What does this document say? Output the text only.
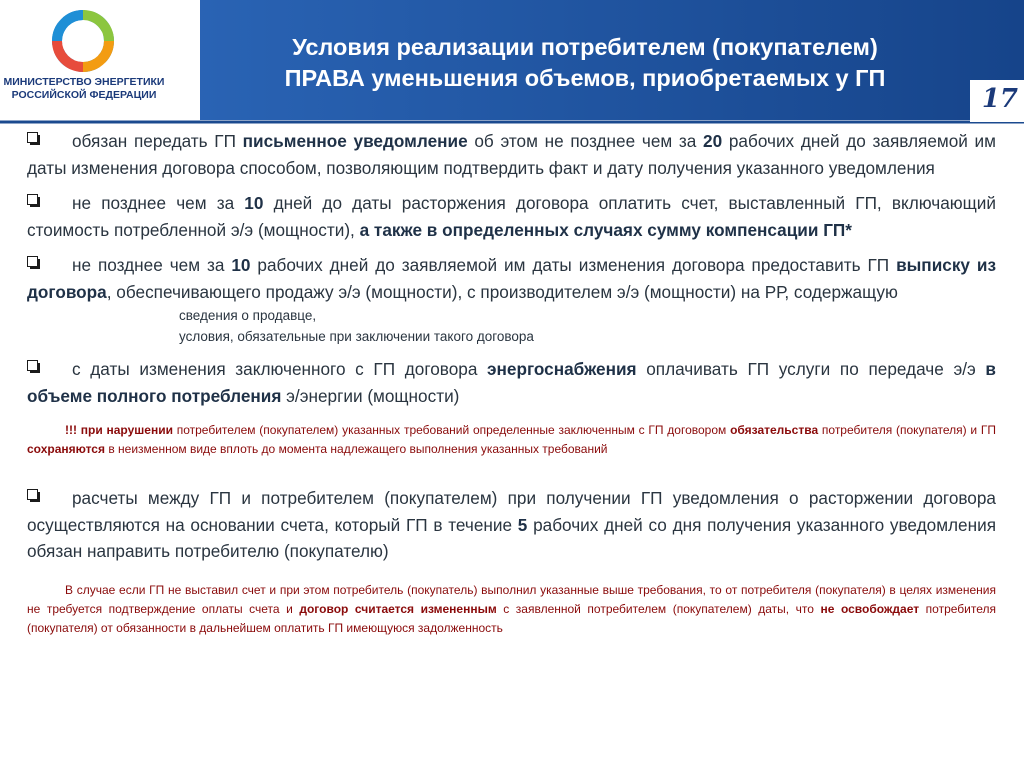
МИНИСТЕРСТВО ЭНЕРГЕТИКИ
РОССИЙСКОЙ ФЕДЕРАЦИИ
Условия реализации потребителем (покупателем)
ПРАВА уменьшения объемов, приобретаемых у ГП
17

обязан передать ГП письменное уведомление об этом не позднее чем за 20 рабочих дней до заявляемой им даты изменения договора способом, позволяющим подтвердить факт и дату получения указанного уведомления

не позднее чем за 10 дней до даты расторжения договора оплатить счет, выставленный ГП, включающий стоимость потребленной э/э (мощности), а также в определенных случаях сумму компенсации ГП*

не позднее чем за 10 рабочих дней до заявляемой им даты изменения договора предоставить ГП выписку из договора, обеспечивающего продажу э/э (мощности), с производителем э/э (мощности) на РР, содержащую

сведения о продавце,
условия, обязательные при заключении такого договора

с даты изменения заключенного с ГП договора энергоснабжения оплачивать ГП услуги по передаче э/э в объеме полного потребления э/энергии (мощности)

!!! при нарушении потребителем (покупателем) указанных требований определенные заключенным с ГП договором обязательства потребителя (покупателя) и ГП сохраняются в неизменном виде вплоть до момента надлежащего выполнения указанных требований

расчеты между ГП и потребителем (покупателем) при получении ГП уведомления о расторжении договора осуществляются на основании счета, который ГП в течение 5 рабочих дней со дня получения указанного уведомления обязан направить потребителю (покупателю)

В случае если ГП не выставил счет и при этом потребитель (покупатель) выполнил указанные выше требования, то от потребителя (покупателя) в целях изменения не требуется подтверждение оплаты счета и договор считается измененным с заявленной потребителем (покупателем) даты, что не освобождает потребителя (покупателя) от обязанности в дальнейшем оплатить ГП имеющуюся задолженность
